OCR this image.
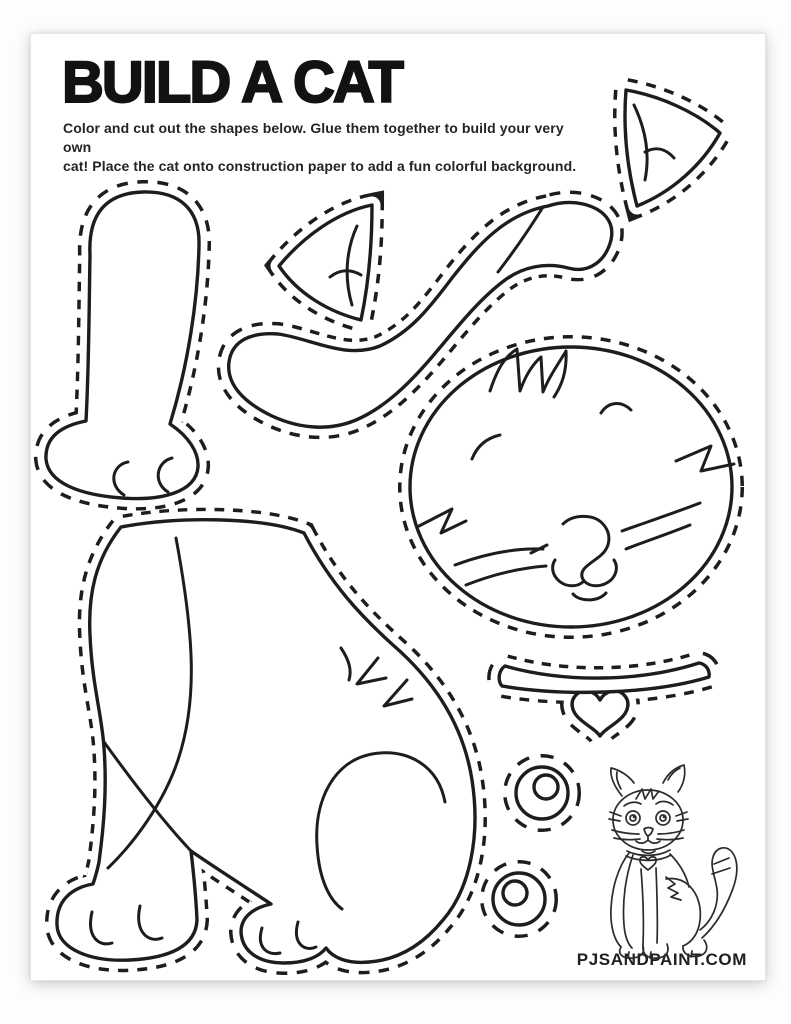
BUILD A CAT

Color and cut out the shapes below. Glue them together to build your very own
cat! Place the cat onto construction paper to add a fun colorful background.

PJSANDPAINT.COM
